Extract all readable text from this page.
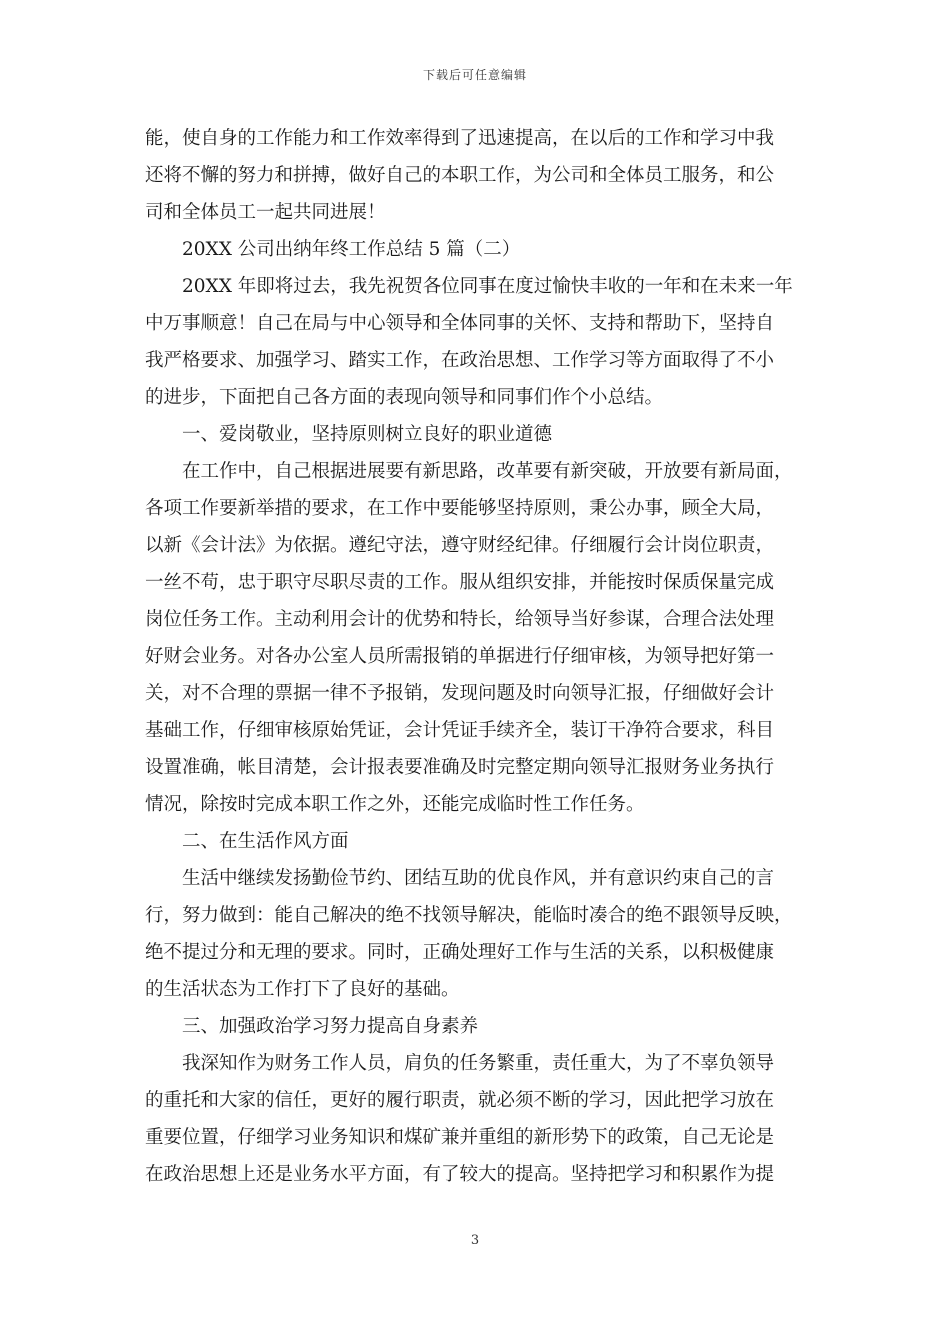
下载后可任意编辑
能，使自身的工作能力和工作效率得到了迅速提高，在以后的工作和学习中我
还将不懈的努力和拼搏，做好自己的本职工作，为公司和全体员工服务，和公
司和全体员工一起共同进展！
20XX 公司出纳年终工作总结 5 篇（二）
20XX 年即将过去，我先祝贺各位同事在度过愉快丰收的一年和在未来一年
中万事顺意！自己在局与中心领导和全体同事的关怀、支持和帮助下，坚持自
我严格要求、加强学习、踏实工作，在政治思想、工作学习等方面取得了不小
的进步，下面把自己各方面的表现向领导和同事们作个小总结。
一、爱岗敬业，坚持原则树立良好的职业道德
在工作中，自己根据进展要有新思路，改革要有新突破，开放要有新局面，
各项工作要新举措的要求，在工作中要能够坚持原则，秉公办事，顾全大局，
以新《会计法》为依据。遵纪守法，遵守财经纪律。仔细履行会计岗位职责，
一丝不苟，忠于职守尽职尽责的工作。服从组织安排，并能按时保质保量完成
岗位任务工作。主动利用会计的优势和特长，给领导当好参谋，合理合法处理
好财会业务。对各办公室人员所需报销的单据进行仔细审核，为领导把好第一
关，对不合理的票据一律不予报销，发现问题及时向领导汇报，仔细做好会计
基础工作，仔细审核原始凭证，会计凭证手续齐全，装订干净符合要求，科目
设置准确，帐目清楚，会计报表要准确及时完整定期向领导汇报财务业务执行
情况，除按时完成本职工作之外，还能完成临时性工作任务。
二、在生活作风方面
生活中继续发扬勤俭节约、团结互助的优良作风，并有意识约束自己的言
行，努力做到：能自己解决的绝不找领导解决，能临时凑合的绝不跟领导反映，
绝不提过分和无理的要求。同时，正确处理好工作与生活的关系，以积极健康
的生活状态为工作打下了良好的基础。
三、加强政治学习努力提高自身素养
我深知作为财务工作人员，肩负的任务繁重，责任重大，为了不辜负领导
的重托和大家的信任，更好的履行职责，就必须不断的学习，因此把学习放在
重要位置，仔细学习业务知识和煤矿兼并重组的新形势下的政策，自己无论是
在政治思想上还是业务水平方面，有了较大的提高。坚持把学习和积累作为提
3
